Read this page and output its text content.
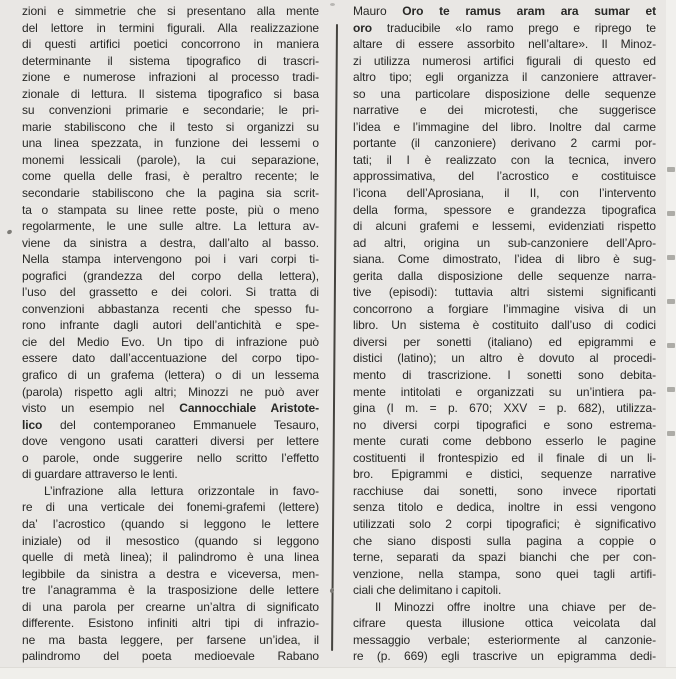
zioni e simmetrie che si presentano alla mente
del lettore in termini figurali. Alla realizzazione
di questi artifici poetici concorrono in maniera
determinante il sistema tipografico di trascri-
zione e numerose infrazioni al processo tradi-
zionale di lettura. Il sistema tipografico si basa
su convenzioni primarie e secondarie; le pri-
marie stabiliscono che il testo si organizzi su
una linea spezzata, in funzione dei lessemi o
monemi lessicali (parole), la cui separazione,
come quella delle frasi, è peraltro recente; le
secondarie stabiliscono che la pagina sia scrit-
ta o stampata su linee rette poste, più o meno
regolarmente, le une sulle altre. La lettura av-
viene da sinistra a destra, dall’alto al basso.
Nella stampa intervengono poi i vari corpi ti-
pografici (grandezza del corpo della lettera),
l’uso del grassetto e dei colori. Si tratta di
convenzioni abbastanza recenti che spesso fu-
rono infrante dagli autori dell’antichità e spe-
cie del Medio Evo. Un tipo di infrazione può
essere dato dall’accentuazione del corpo tipo-
grafico di un grafema (lettera) o di un lessema
(parola) rispetto agli altri; Minozzi ne può aver
visto un esempio nel Cannocchiale Aristote-
lico del contemporaneo Emmanuele Tesauro,
dove vengono usati caratteri diversi per lettere
o parole, onde suggerire nello scritto l’effetto
di guardare attraverso le lenti.
L’infrazione alla lettura orizzontale in favo-
re di una verticale dei fonemi-grafemi (lettere)
da’ l’acrostico (quando si leggono le lettere
iniziale) od il mesostico (quando si leggono
quelle di metà linea); il palindromo è una linea
legibbile da sinistra a destra e viceversa, men-
tre l’anagramma è la trasposizione delle lettere
di una parola per crearne un’altra di significato
differente. Esistono infiniti altri tipi di infrazio-
ne ma basta leggere, per farsene un’idea, il
palindromo del poeta medioevale Rabano
Mauro Oro te ramus aram ara sumar et
oro traducibile «Io ramo prego e riprego te
altare di essere assorbito nell’altare». Il Minoz-
zi utilizza numerosi artifici figurali di questo ed
altro tipo; egli organizza il canzoniere attraver-
so una particolare disposizione delle sequenze
narrative e dei microtesti, che suggerisce
l’idea e l’immagine del libro. Inoltre dal carme
portante (il canzoniere) derivano 2 carmi por-
tati; il I è realizzato con la tecnica, invero
approssimativa, del l’acrostico e costituisce
l’icona dell’Aprosiana, il II, con l’intervento
della forma, spessore e grandezza tipografica
di alcuni grafemi e lessemi, evidenziati rispetto
ad altri, origina un sub-canzoniere dell’Apro-
siana. Come dimostrato, l’idea di libro è sug-
gerita dalla disposizione delle sequenze narra-
tive (episodi): tuttavia altri sistemi significanti
concorrono a forgiare l’immagine visiva di un
libro. Un sistema è costituito dall’uso di codici
diversi per sonetti (italiano) ed epigrammi e
distici (latino); un altro è dovuto al procedi-
mento di trascrizione. I sonetti sono debita-
mente intitolati e organizzati su un’intiera pa-
gina (I m. = p. 670; XXV = p. 682), utilizza-
no diversi corpi tipografici e sono estrema-
mente curati come debbono esserlo le pagine
costituenti il frontespizio ed il finale di un li-
bro. Epigrammi e distici, sequenze narrative
racchiuse dai sonetti, sono invece riportati
senza titolo e dedica, inoltre in essi vengono
utilizzati solo 2 corpi tipografici; è significativo
che siano disposti sulla pagina a coppie o
terne, separati da spazi bianchi che per con-
venzione, nella stampa, sono quei tagli artifi-
ciali che delimitano i capitoli.
Il Minozzi offre inoltre una chiave per de-
cifrare questa illusione ottica veicolata dal
messaggio verbale; esteriormente al canzonie-
re (p. 669) egli trascrive un epigramma dedi-
